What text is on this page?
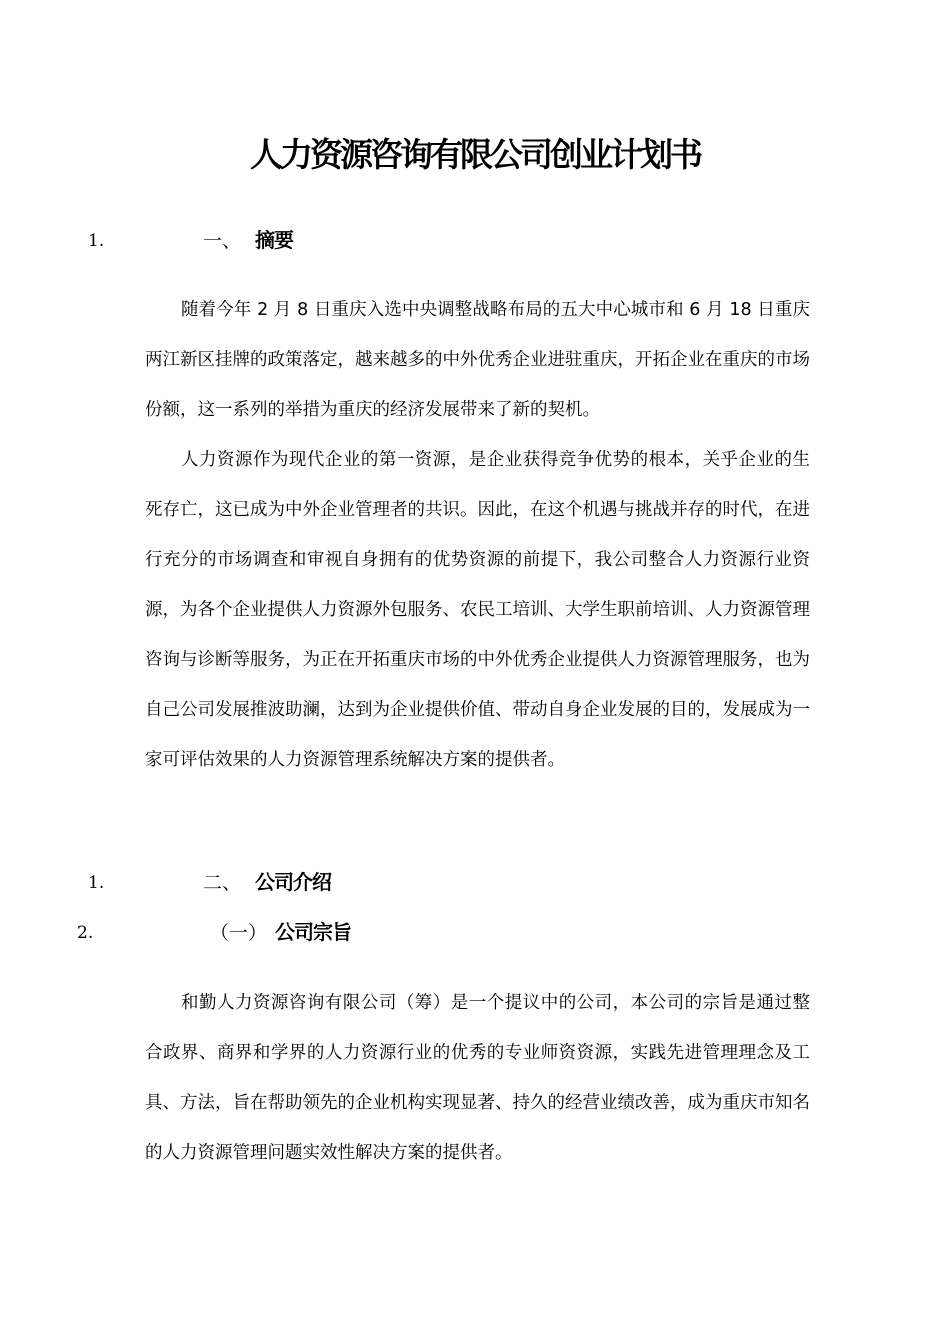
人力资源咨询有限公司创业计划书
1.	一、 摘要

随着今年 2 月 8 日重庆入选中央调整战略布局的五大中心城市和 6 月 18 日重庆两江新区挂牌的政策落定，越来越多的中外优秀企业进驻重庆，开拓企业在重庆的市场份额，这一系列的举措为重庆的经济发展带来了新的契机。

人力资源作为现代企业的第一资源，是企业获得竞争优势的根本，关乎企业的生死存亡，这已成为中外企业管理者的共识。因此，在这个机遇与挑战并存的时代，在进行充分的市场调查和审视自身拥有的优势资源的前提下，我公司整合人力资源行业资源，为各个企业提供人力资源外包服务、农民工培训、大学生职前培训、人力资源管理咨询与诊断等服务，为正在开拓重庆市场的中外优秀企业提供人力资源管理服务，也为自己公司发展推波助澜，达到为企业提供价值、带动自身企业发展的目的，发展成为一家可评估效果的人力资源管理系统解决方案的提供者。

1.	二、 公司介绍
2.	（一） 公司宗旨

和勤人力资源咨询有限公司（筹）是一个提议中的公司，本公司的宗旨是通过整合政界、商界和学界的人力资源行业的优秀的专业师资资源，实践先进管理理念及工具、方法，旨在帮助领先的企业机构实现显著、持久的经营业绩改善，成为重庆市知名的人力资源管理问题实效性解决方案的提供者。
